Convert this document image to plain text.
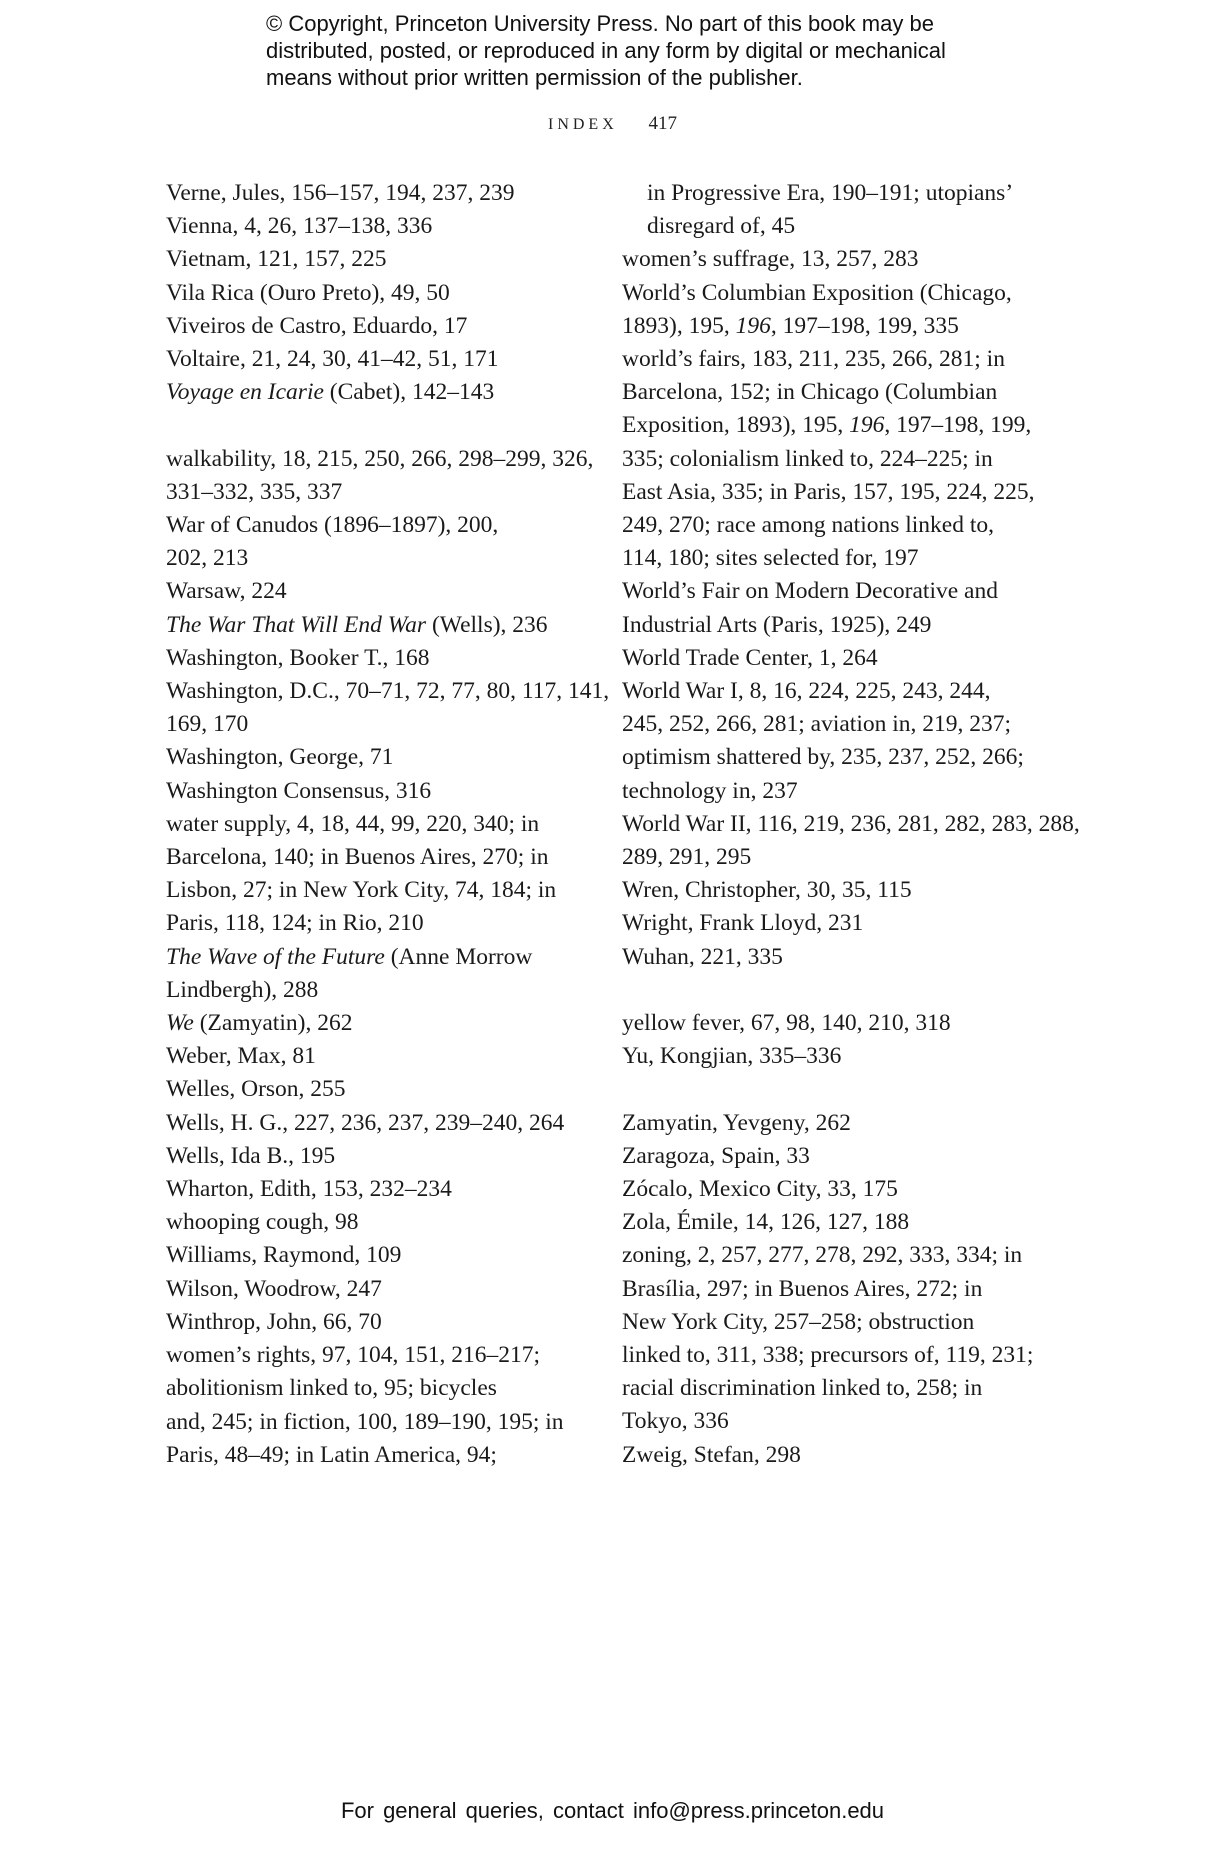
© Copyright, Princeton University Press. No part of this book may be
distributed, posted, or reproduced in any form by digital or mechanical
means without prior written permission of the publisher.
INDEX 417
Verne, Jules, 156–157, 194, 237, 239
Vienna, 4, 26, 137–138, 336
Vietnam, 121, 157, 225
Vila Rica (Ouro Preto), 49, 50
Viveiros de Castro, Eduardo, 17
Voltaire, 21, 24, 30, 41–42, 51, 171
Voyage en Icarie (Cabet), 142–143
walkability, 18, 215, 250, 266, 298–299, 326,
331–332, 335, 337
War of Canudos (1896–1897), 200,
202, 213
Warsaw, 224
The War That Will End War (Wells), 236
Washington, Booker T., 168
Washington, D.C., 70–71, 72, 77, 80, 117, 141,
169, 170
Washington, George, 71
Washington Consensus, 316
water supply, 4, 18, 44, 99, 220, 340; in
Barcelona, 140; in Buenos Aires, 270; in
Lisbon, 27; in New York City, 74, 184; in
Paris, 118, 124; in Rio, 210
The Wave of the Future (Anne Morrow
Lindbergh), 288
We (Zamyatin), 262
Weber, Max, 81
Welles, Orson, 255
Wells, H. G., 227, 236, 237, 239–240, 264
Wells, Ida B., 195
Wharton, Edith, 153, 232–234
whooping cough, 98
Williams, Raymond, 109
Wilson, Woodrow, 247
Winthrop, John, 66, 70
women’s rights, 97, 104, 151, 216–217;
abolitionism linked to, 95; bicycles
and, 245; in fiction, 100, 189–190, 195; in
Paris, 48–49; in Latin America, 94;
in Progressive Era, 190–191; utopians’
disregard of, 45
women’s suffrage, 13, 257, 283
World’s Columbian Exposition (Chicago,
1893), 195, 196, 197–198, 199, 335
world’s fairs, 183, 211, 235, 266, 281; in
Barcelona, 152; in Chicago (Columbian
Exposition, 1893), 195, 196, 197–198, 199,
335; colonialism linked to, 224–225; in
East Asia, 335; in Paris, 157, 195, 224, 225,
249, 270; race among nations linked to,
114, 180; sites selected for, 197
World’s Fair on Modern Decorative and
Industrial Arts (Paris, 1925), 249
World Trade Center, 1, 264
World War I, 8, 16, 224, 225, 243, 244,
245, 252, 266, 281; aviation in, 219, 237;
optimism shattered by, 235, 237, 252, 266;
technology in, 237
World War II, 116, 219, 236, 281, 282, 283, 288,
289, 291, 295
Wren, Christopher, 30, 35, 115
Wright, Frank Lloyd, 231
Wuhan, 221, 335
yellow fever, 67, 98, 140, 210, 318
Yu, Kongjian, 335–336
Zamyatin, Yevgeny, 262
Zaragoza, Spain, 33
Zócalo, Mexico City, 33, 175
Zola, Émile, 14, 126, 127, 188
zoning, 2, 257, 277, 278, 292, 333, 334; in
Brasília, 297; in Buenos Aires, 272; in
New York City, 257–258; obstruction
linked to, 311, 338; precursors of, 119, 231;
racial discrimination linked to, 258; in
Tokyo, 336
Zweig, Stefan, 298
For general queries, contact info@press.princeton.edu
